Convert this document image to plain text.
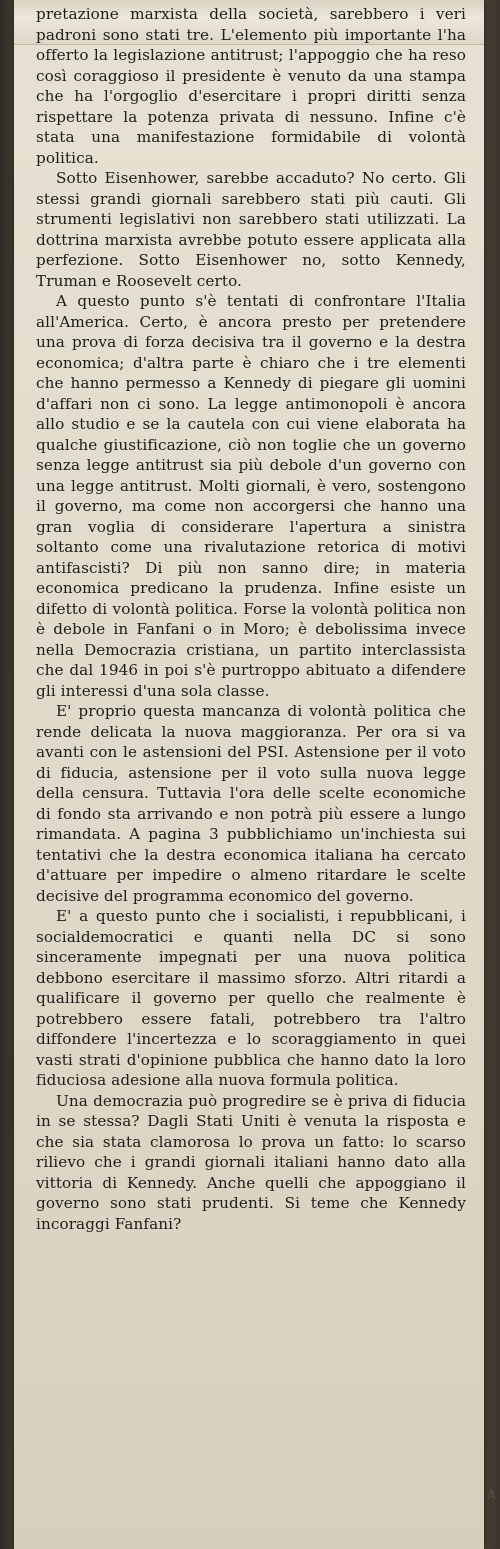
pretazione marxista della società, sarebbero i veri padroni sono stati tre. L'elemento più importante l'ha offerto la legislazione antitrust; l'appoggio che ha reso così coraggioso il presidente è venuto da una stampa che ha l'orgoglio d'esercitare i propri diritti senza rispettare la potenza privata di nessuno. Infine c'è stata una manifestazione formidabile di volontà politica.

Sotto Eisenhower, sarebbe accaduto? No certo. Gli stessi grandi giornali sarebbero stati più cauti. Gli strumenti legislativi non sarebbero stati utilizzati. La dottrina marxista avrebbe potuto essere applicata alla perfezione. Sotto Eisenhower no, sotto Kennedy, Truman e Roosevelt certo.

A questo punto s'è tentati di confrontare l'Italia all'America. Certo, è ancora presto per pretendere una prova di forza decisiva tra il governo e la destra economica; d'altra parte è chiaro che i tre elementi che hanno permesso a Kennedy di piegare gli uomini d'affari non ci sono. La legge antimonopoli è ancora allo studio e se la cautela con cui viene elaborata ha qualche giustificazione, ciò non toglie che un governo senza legge antitrust sia più debole d'un governo con una legge antitrust. Molti giornali, è vero, sostengono il governo, ma come non accorgersi che hanno una gran voglia di considerare l'apertura a sinistra soltanto come una rivalutazione retorica di motivi antifascisti? Di più non sanno dire; in materia economica predicano la prudenza. Infine esiste un difetto di volontà politica. Forse la volontà politica non è debole in Fanfani o in Moro; è debolissima invece nella Democrazia cristiana, un partito interclassista che dal 1946 in poi s'è purtroppo abituato a difendere gli interessi d'una sola classe.

E' proprio questa mancanza di volontà politica che rende delicata la nuova maggioranza. Per ora si va avanti con le astensioni del PSI. Astensione per il voto di fiducia, astensione per il voto sulla nuova legge della censura. Tuttavia l'ora delle scelte economiche di fondo sta arrivando e non potrà più essere a lungo rimandata. A pagina 3 pubblichiamo un'inchiesta sui tentativi che la destra economica italiana ha cercato d'attuare per impedire o almeno ritardare le scelte decisive del programma economico del governo.

E' a questo punto che i socialisti, i repubblicani, i socialdemocratici e quanti nella DC si sono sinceramente impegnati per una nuova politica debbono esercitare il massimo sforzo. Altri ritardi a qualificare il governo per quello che realmente è potrebbero essere fatali, potrebbero tra l'altro diffondere l'incertezza e lo scoraggiamento in quei vasti strati d'opinione pubblica che hanno dato la loro fiduciosa adesione alla nuova formula politica.

Una democrazia può progredire se è priva di fiducia in se stessa? Dagli Stati Uniti è venuta la risposta e che sia stata clamorosa lo prova un fatto: lo scarso rilievo che i grandi giornali italiani hanno dato alla vittoria di Kennedy. Anche quelli che appoggiano il governo sono stati prudenti. Si teme che Kennedy incoraggi Fanfani?

A
